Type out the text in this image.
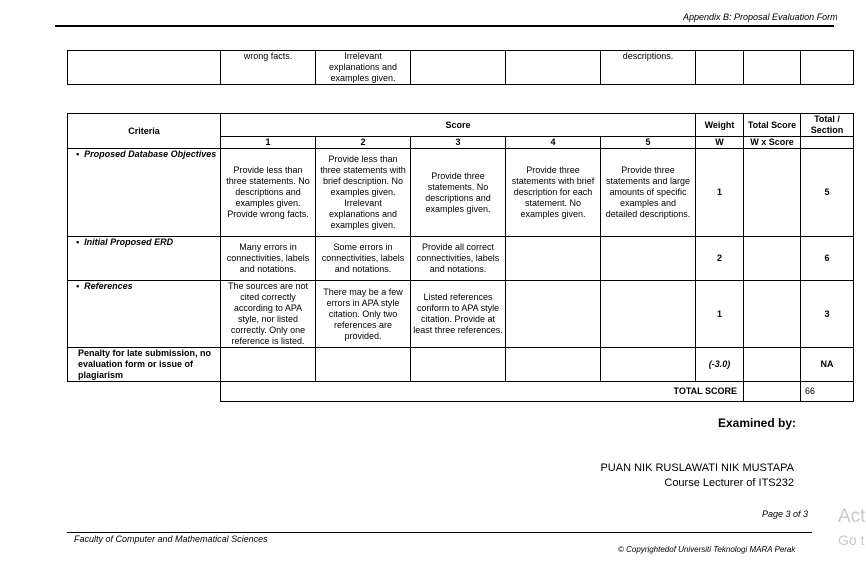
Appendix B: Proposal Evaluation Form
	wrong facts.	Irrelevant explanations and examples given.			descriptions.			
Criteria	Score					Weight	Total Score	Total / Section
	1	2	3	4	5	W	W x Score	
•  Proposed Database Objectives	Provide less than three statements. No descriptions and examples given. Provide wrong facts.	Provide less than three statements with brief description. No examples given. Irrelevant explanations and examples given.	Provide three statements. No descriptions and examples given.	Provide three statements with brief description for each statement. No examples given.	Provide three statements and large amounts of specific examples and detailed descriptions.	1		5
•  Initial Proposed ERD	Many errors in connectivities, labels and notations.	Some errors in connectivities, labels and notations.	Provide all correct connectivities, labels and notations.			2		6
•  References	The sources are not cited correctly according to APA style, nor listed correctly. Only one reference is listed.	There may be a few errors in APA style citation. Only two references are provided.	Listed references conform to APA style citation. Provide at least three references.			1		3
Penalty for late submission, no evaluation form or issue of plagiarism						(-3.0)		NA
	TOTAL SCORE							66
Examined by:
PUAN NIK RUSLAWATI NIK MUSTAPA
Course Lecturer of ITS232
Page 3 of 3
Faculty of Computer and Mathematical Sciences
© Copyrightedof Universiti Teknologi MARA Perak
Act
Go t
